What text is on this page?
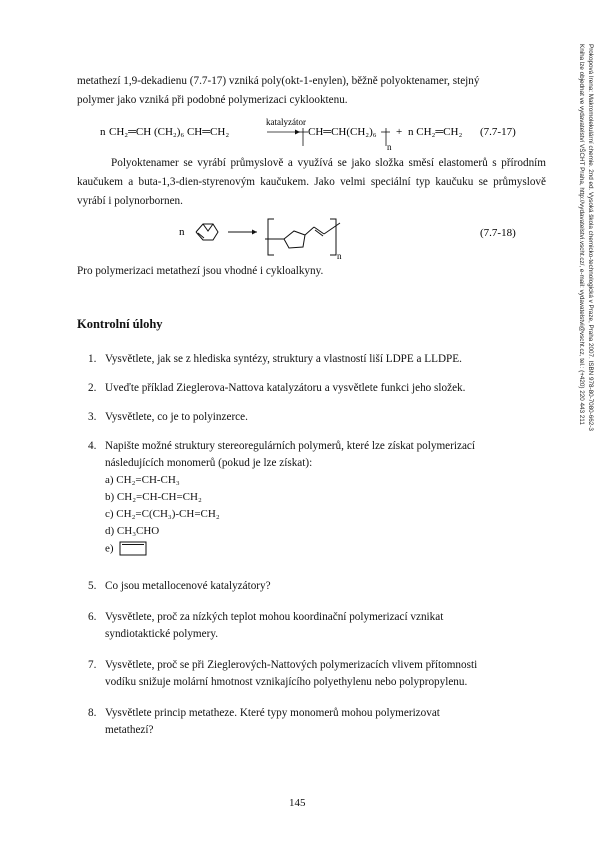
metathezí 1,9-dekadienu (7.7-17) vzniká poly(okt-1-enylen), běžně polyoktenamer, stejný
polymer jako vzniká při podobné polymerizaci cyklooktenu.
n CH₂═CH (CH₂)₆ CH═CH₂
katalyzátor
CH═CH(CH₂)₆
n
+ n CH₂═CH₂ (7.7-17)
Polyoktenamer se vyrábí průmyslově a využívá se jako složka směsí elastomerů s přírodním kaučukem a buta-1,3-dien-styrenovým kaučukem. Jako velmi speciální typ kaučuku se průmyslově vyrábí i polynorbornen.
n
n
(7.7-18)
Pro polymerizaci metathezí jsou vhodné i cykloalkyny.
Kontrolní úlohy
1. Vysvětlete, jak se z hlediska syntézy, struktury a vlastností liší LDPE a LLDPE.
2. Uveďte příklad Zieglerova-Nattova katalyzátoru a vysvětlete funkci jeho složek.
3. Vysvětlete, co je to polyinzerce.
4. Napište možné struktury stereoregulárních polymerů, které lze získat polymerizací
následujících monomerů (pokud je lze získat):
a) CH₂=CH-CH₃
b) CH₂=CH-CH=CH₂
c) CH₂=C(CH₃)-CH=CH₂
d) CH₃CHO
e)
5. Co jsou metallocenové katalyzátory?
6. Vysvětlete, proč za nízkých teplot mohou koordinační polymerizací vznikat
syndiotaktické polymery.
7. Vysvětlete, proč se při Zieglerových-Nattových polymerizacích vlivem přítomnosti
vodíku snižuje molární hmotnost vznikajícího polyethylenu nebo polypropylenu.
8. Vysvětlete princip metatheze. Které typy monomerů mohou polymerizovat
metathezí?
145
Prokopová Irena: Makromolekulární chemie. 2nd ed. Vysoká škola chemicko-technologická v Praze, Praha 2007. ISBN 978-80-7080-662-3
Kniha lze objednat ve vydavatelství VŠCHT Praha, http://vydavatelstvi.vscht.cz/, e-mail: vydavatelstvi@vscht.cz, tel.: (+420) 220 443 211
